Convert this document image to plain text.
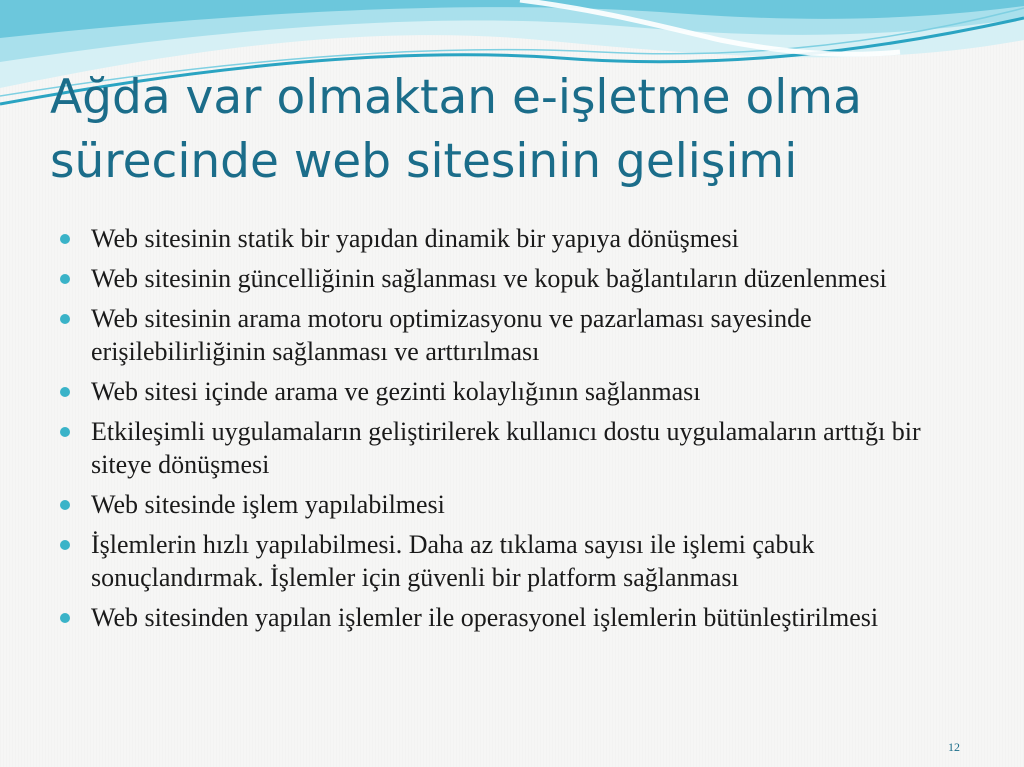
Ağda var olmaktan e-işletme olma
sürecinde web sitesinin gelişimi
Web sitesinin statik bir yapıdan dinamik bir yapıya dönüşmesi
Web sitesinin güncelliğinin sağlanması ve kopuk bağlantıların düzenlenmesi
Web sitesinin arama motoru optimizasyonu ve pazarlaması sayesinde erişilebilirliğinin sağlanması ve arttırılması
Web sitesi içinde arama ve gezinti kolaylığının sağlanması
Etkileşimli uygulamaların geliştirilerek kullanıcı dostu uygulamaların arttığı bir siteye dönüşmesi
Web sitesinde işlem yapılabilmesi
İşlemlerin hızlı yapılabilmesi. Daha az tıklama sayısı ile işlemi çabuk sonuçlandırmak. İşlemler için güvenli bir platform sağlanması
Web sitesinden yapılan işlemler ile operasyonel işlemlerin bütünleştirilmesi
12
